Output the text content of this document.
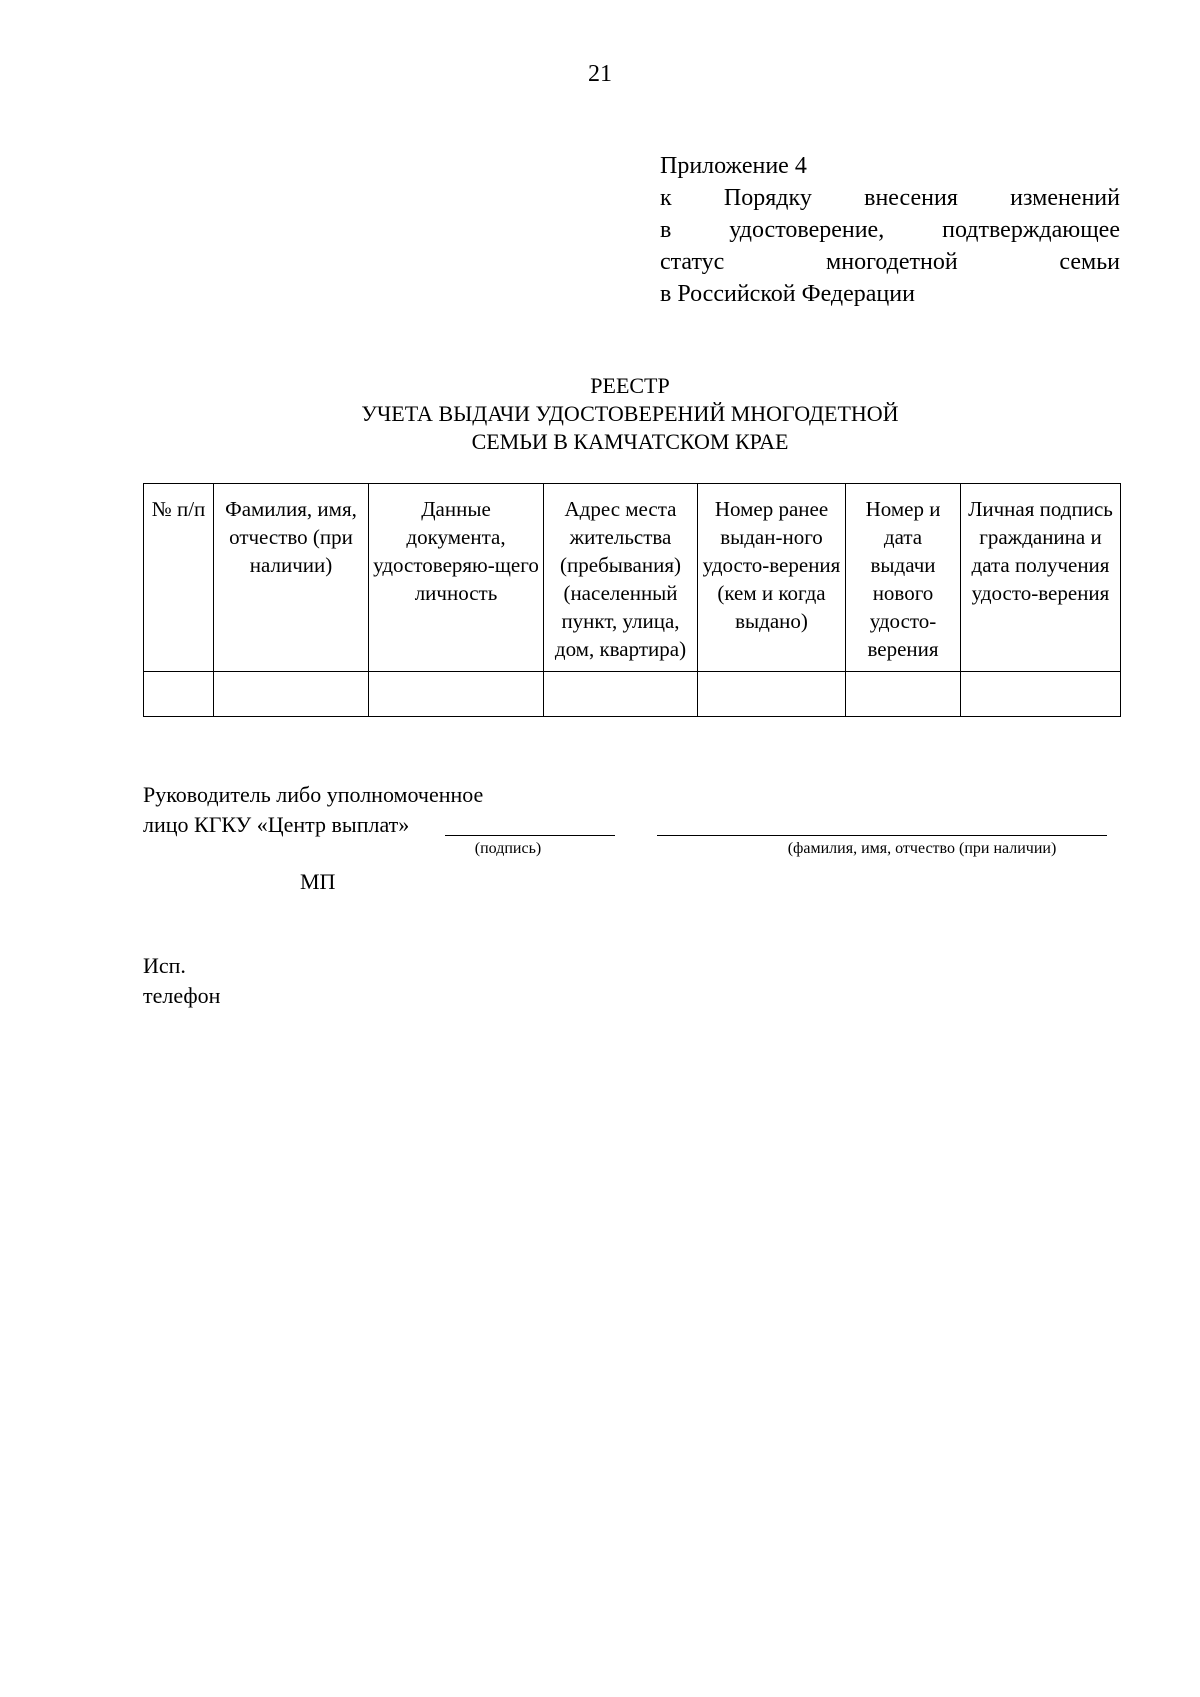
21
Приложение 4
к Порядку внесения изменений
в удостоверение, подтверждающее
статус многодетной семьи
в Российской Федерации
РЕЕСТР
УЧЕТА ВЫДАЧИ УДОСТОВЕРЕНИЙ МНОГОДЕТНОЙ
СЕМЬИ В КАМЧАТСКОМ КРАЕ
№ п/п	Фамилия, имя, отчество (при наличии)	Данные документа, удостоверяю-щего личность	Адрес места жительства (пребывания) (населенный пункт, улица, дом, квартира)	Номер ранее выдан-ного удосто-верения (кем и когда выдано)	Номер и дата выдачи нового удосто-верения	Личная подпись гражданина и дата получения удосто-верения

Руководитель либо уполномоченное
лицо КГКУ «Центр выплат»
(подпись)	(фамилия, имя, отчество (при наличии)
МП
Исп.
телефон
